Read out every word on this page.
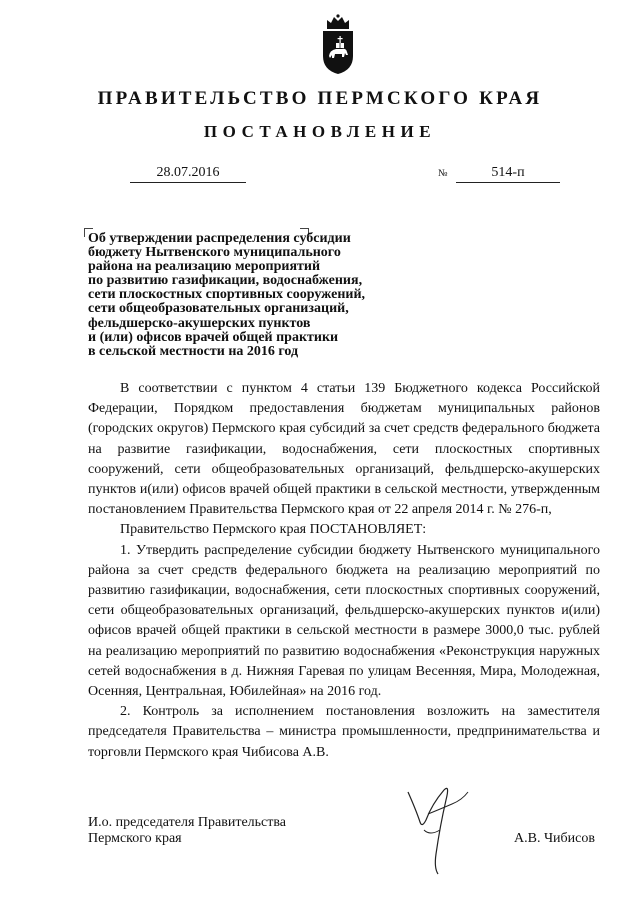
ПРАВИТЕЛЬСТВО ПЕРМСКОГО КРАЯ
ПОСТАНОВЛЕНИЕ
28.07.2016	№	514-п
Об утверждении распределения субсидии
бюджету Нытвенского муниципального
района на реализацию мероприятий
по развитию газификации, водоснабжения,
сети плоскостных спортивных сооружений,
сети общеобразовательных организаций,
фельдшерско-акушерских пунктов
и (или) офисов врачей общей практики
в сельской местности на 2016 год

В соответствии с пунктом 4 статьи 139 Бюджетного кодекса Российской Федерации, Порядком предоставления бюджетам муниципальных районов (городских округов) Пермского края субсидий за счет средств федерального бюджета на развитие газификации, водоснабжения, сети плоскостных спортивных сооружений, сети общеобразовательных организаций, фельдшерско-акушерских пунктов и(или) офисов врачей общей практики в сельской местности, утвержденным постановлением Правительства Пермского края от 22 апреля 2014 г. № 276-п,

Правительство Пермского края ПОСТАНОВЛЯЕТ:

1. Утвердить распределение субсидии бюджету Нытвенского муниципального района за счет средств федерального бюджета на реализацию мероприятий по развитию газификации, водоснабжения, сети плоскостных спортивных сооружений, сети общеобразовательных организаций, фельдшерско-акушерских пунктов и(или) офисов врачей общей практики в сельской местности в размере 3000,0 тыс. рублей на реализацию мероприятий по развитию водоснабжения «Реконструкция наружных сетей водоснабжения в д. Нижняя Гаревая по улицам Весенняя, Мира, Молодежная, Осенняя, Центральная, Юбилейная» на 2016 год.

2. Контроль за исполнением постановления возложить на заместителя председателя Правительства – министра промышленности, предпринимательства и торговли Пермского края Чибисова А.В.

И.о. председателя Правительства
Пермского края	А.В. Чибисов
